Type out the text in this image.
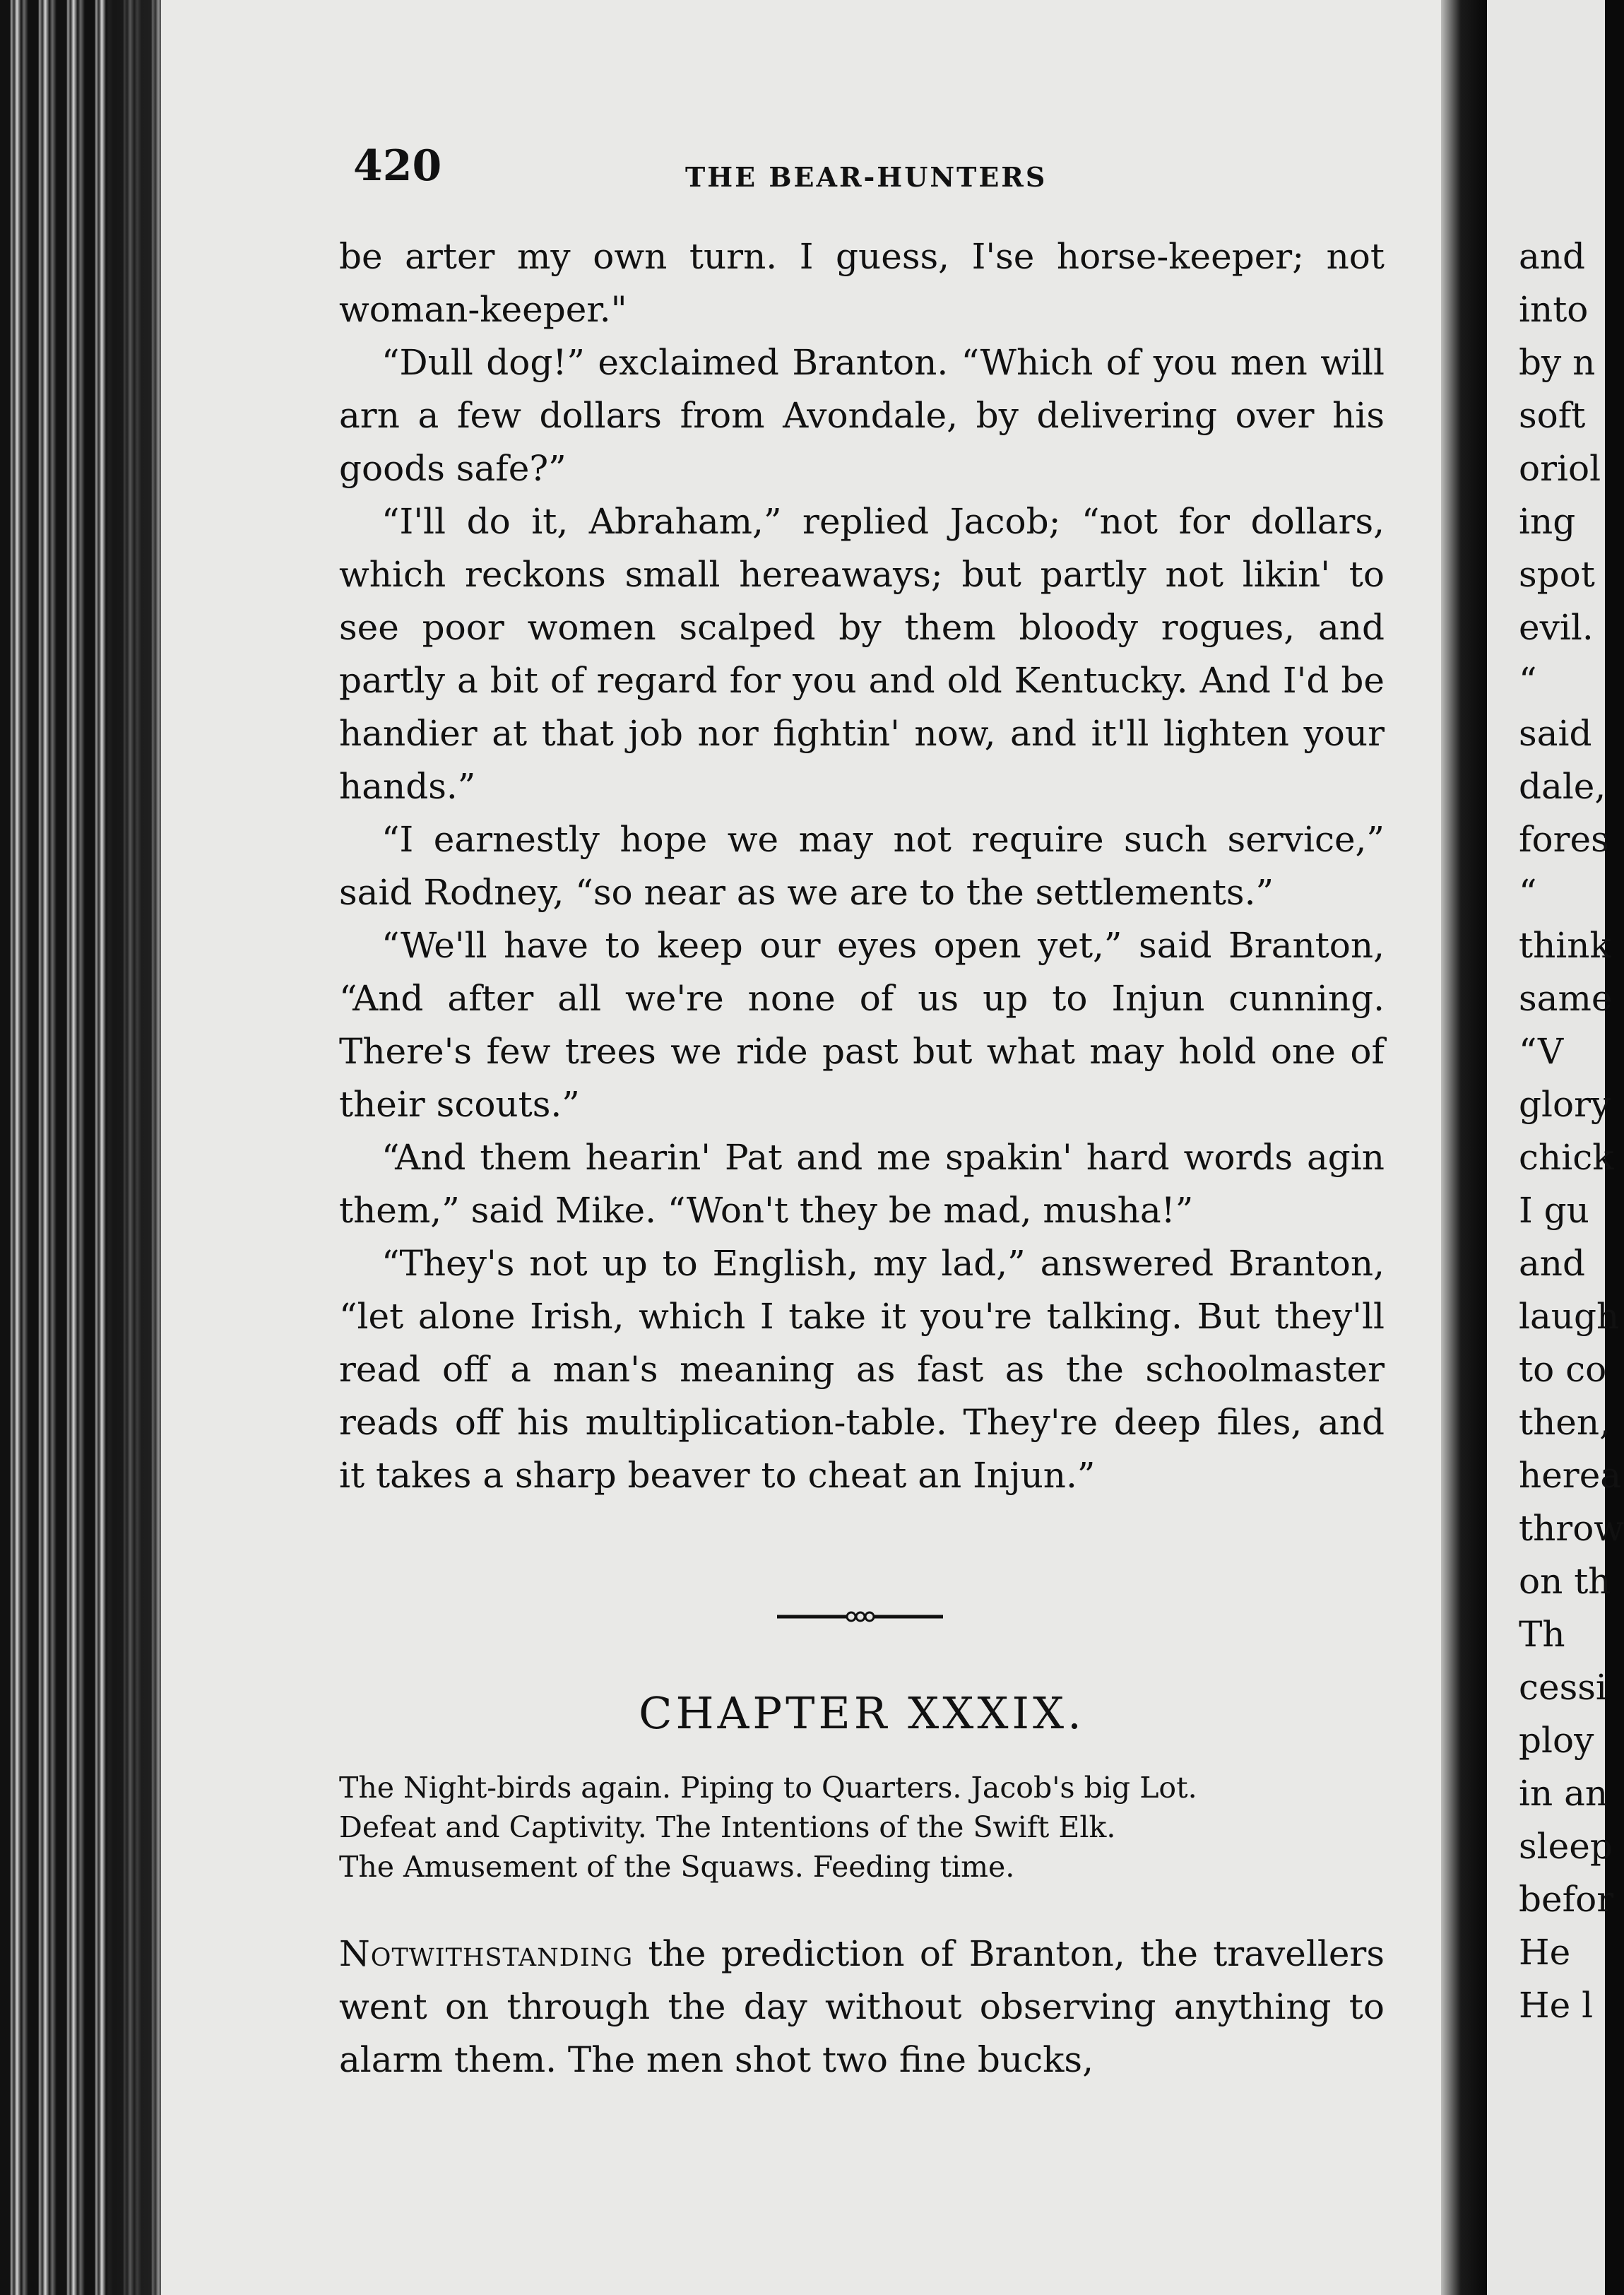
and
into
by n
soft
oriol
ing
spot
evil.
“
said
dale,
fores
“
think
same
“V
glory
chick
I gu
and
laugh
to co
then,
herea
throw
on th
Th
cessi
ploy
in an
sleep
befor
He
He l
420	THE BEAR-HUNTERS

be arter my own turn. I guess, I'se horse-keeper; not woman-keeper."

“Dull dog!” exclaimed Branton. “Which of you men will arn a few dollars from Avondale, by delivering over his goods safe?”

“I'll do it, Abraham,” replied Jacob; “not for dollars, which reckons small hereaways; but partly not likin' to see poor women scalped by them bloody rogues, and partly a bit of regard for you and old Kentucky. And I'd be handier at that job nor fightin' now, and it'll lighten your hands.”

“I earnestly hope we may not require such service,” said Rodney, “so near as we are to the settlements.”

“We'll have to keep our eyes open yet,” said Branton, “And after all we're none of us up to Injun cunning. There's few trees we ride past but what may hold one of their scouts.”

“And them hearin' Pat and me spakin' hard words agin them,” said Mike. “Won't they be mad, musha!”

“They's not up to English, my lad,” answered Branton, “let alone Irish, which I take it you're talking. But they'll read off a man's meaning as fast as the schoolmaster reads off his multiplication-table. They're deep files, and it takes a sharp beaver to cheat an Injun.”

CHAPTER XXXIX.
The Night-birds again. Piping to Quarters. Jacob's big Lot.
Defeat and Captivity. The Intentions of the Swift Elk.
The Amusement of the Squaws. Feeding time.
Notwithstanding the prediction of Branton, the travellers went on through the day without observing anything to alarm them. The men shot two fine bucks,
